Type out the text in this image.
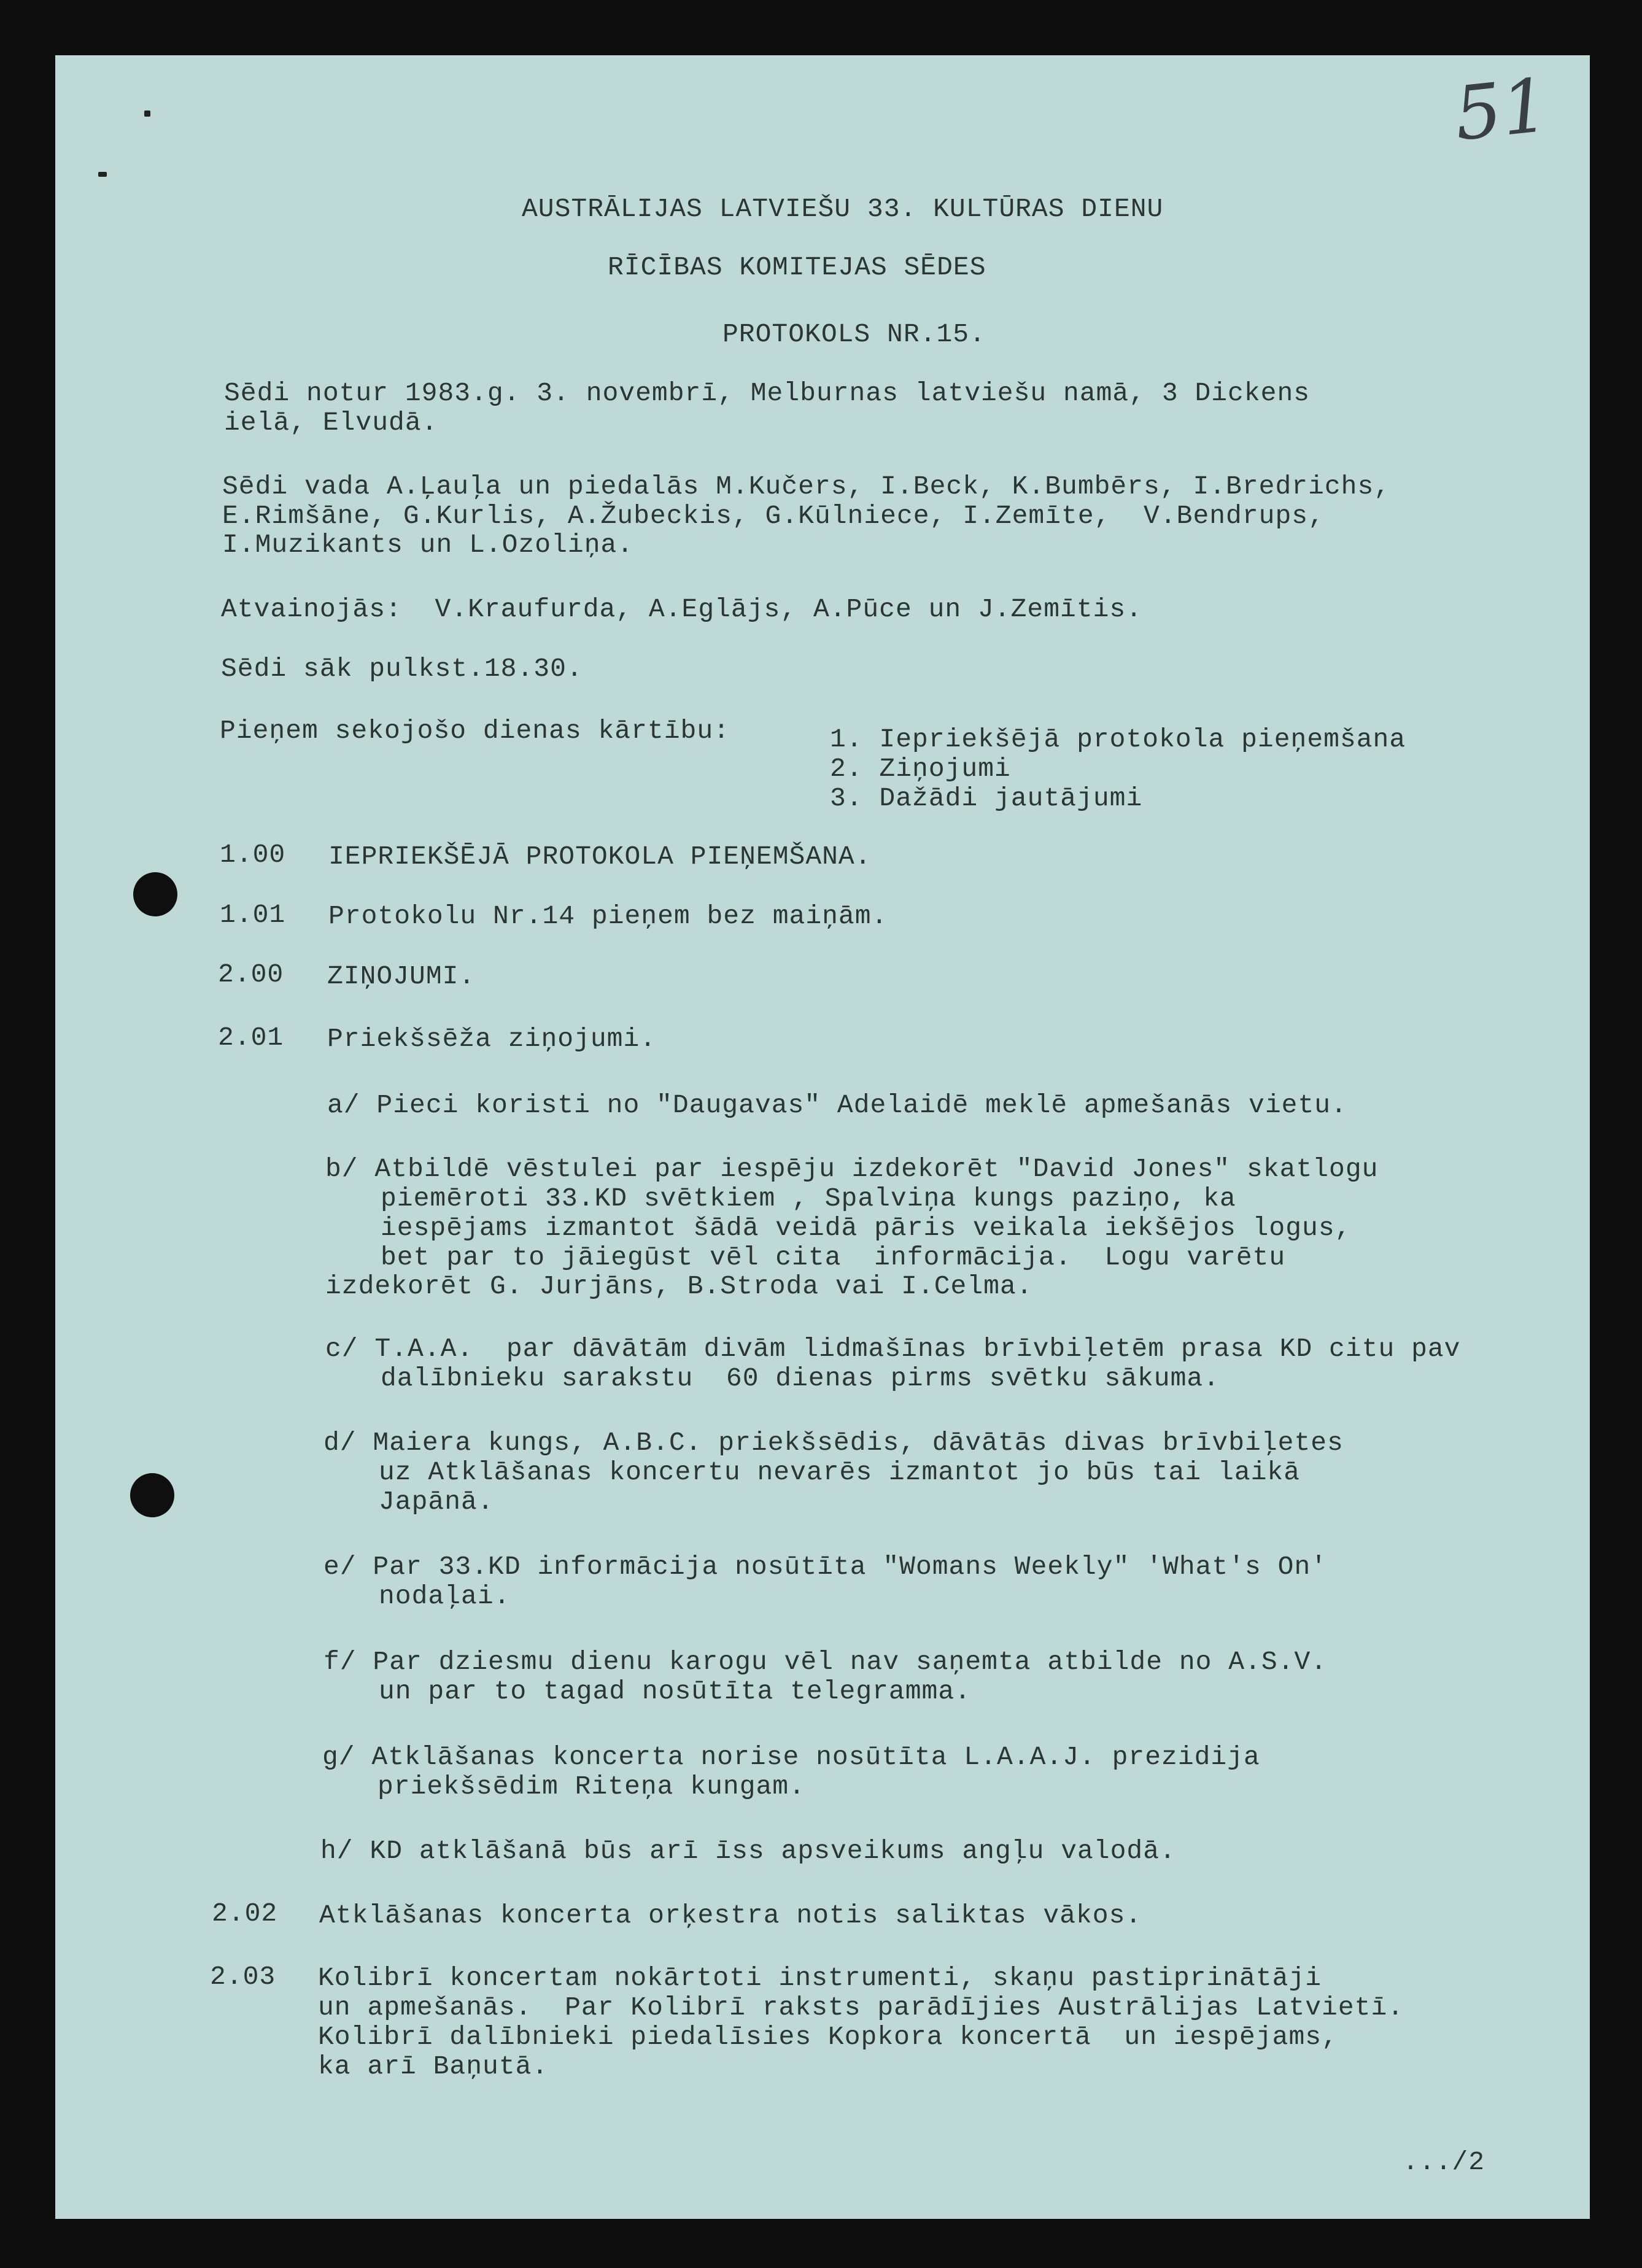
51

AUSTRĀLIJAS LATVIEŠU 33. KULTŪRAS DIENU

RĪCĪBAS KOMITEJAS SĒDES

PROTOKOLS NR.15.

Sēdi notur 1983.g. 3. novembrī, Melburnas latviešu namā, 3 Dickens

ielā, Elvudā.

Sēdi vada A.Ļauļa un piedalās M.Kučers, I.Beck, K.Bumbērs, I.Bredrichs,

E.Rimšāne, G.Kurlis, A.Žubeckis, G.Kūlniece, I.Zemīte,  V.Bendrups,

I.Muzikants un L.Ozoliņa.

Atvainojās:  V.Kraufurda, A.Eglājs, A.Pūce un J.Zemītis.

Sēdi sāk pulkst.18.30.

Pieņem sekojošo dienas kārtību:	1. Iepriekšējā protokola pieņemšana

2. Ziņojumi

3. Dažādi jautājumi

1.00 IEPRIEKŠĒJĀ PROTOKOLA PIEŅEMŠANA.

1.01 Protokolu Nr.14 pieņem bez maiņām.

2.00 ZIŅOJUMI.

2.01 Priekšsēža ziņojumi.

a/ Pieci koristi no "Daugavas" Adelaidē meklē apmešanās vietu.

b/ Atbildē vēstulei par iespēju izdekorēt "David Jones" skatlogu

piemēroti 33.KD svētkiem , Spalviņa kungs paziņo, ka

iespējams izmantot šādā veidā pāris veikala iekšējos logus,

bet par to jāiegūst vēl cita  informācija.  Logu varētu

izdekorēt G. Jurjāns, B.Stroda vai I.Celma.

c/ T.A.A.  par dāvātām divām lidmašīnas brīvbiļetēm prasa KD citu pav

dalībnieku sarakstu  60 dienas pirms svētku sākuma.

d/ Maiera kungs, A.B.C. priekšsēdis, dāvātās divas brīvbiļetes

uz Atklāšanas koncertu nevarēs izmantot jo būs tai laikā

Japānā.

e/ Par 33.KD informācija nosūtīta "Womans Weekly" 'What's On'

nodaļai.

f/ Par dziesmu dienu karogu vēl nav saņemta atbilde no A.S.V.

un par to tagad nosūtīta telegramma.

g/ Atklāšanas koncerta norise nosūtīta L.A.A.J. prezidija

priekšsēdim Riteņa kungam.

h/ KD atklāšanā būs arī īss apsveikums angļu valodā.

2.02 Atklāšanas koncerta orķestra notis saliktas vākos.

2.03 Kolibrī koncertam nokārtoti instrumenti, skaņu pastiprinātāji

un apmešanās.  Par Kolibrī raksts parādījies Austrālijas Latvietī.

Kolibrī dalībnieki piedalīsies Kopkora koncertā  un iespējams,

ka arī Baņutā.

.../2
